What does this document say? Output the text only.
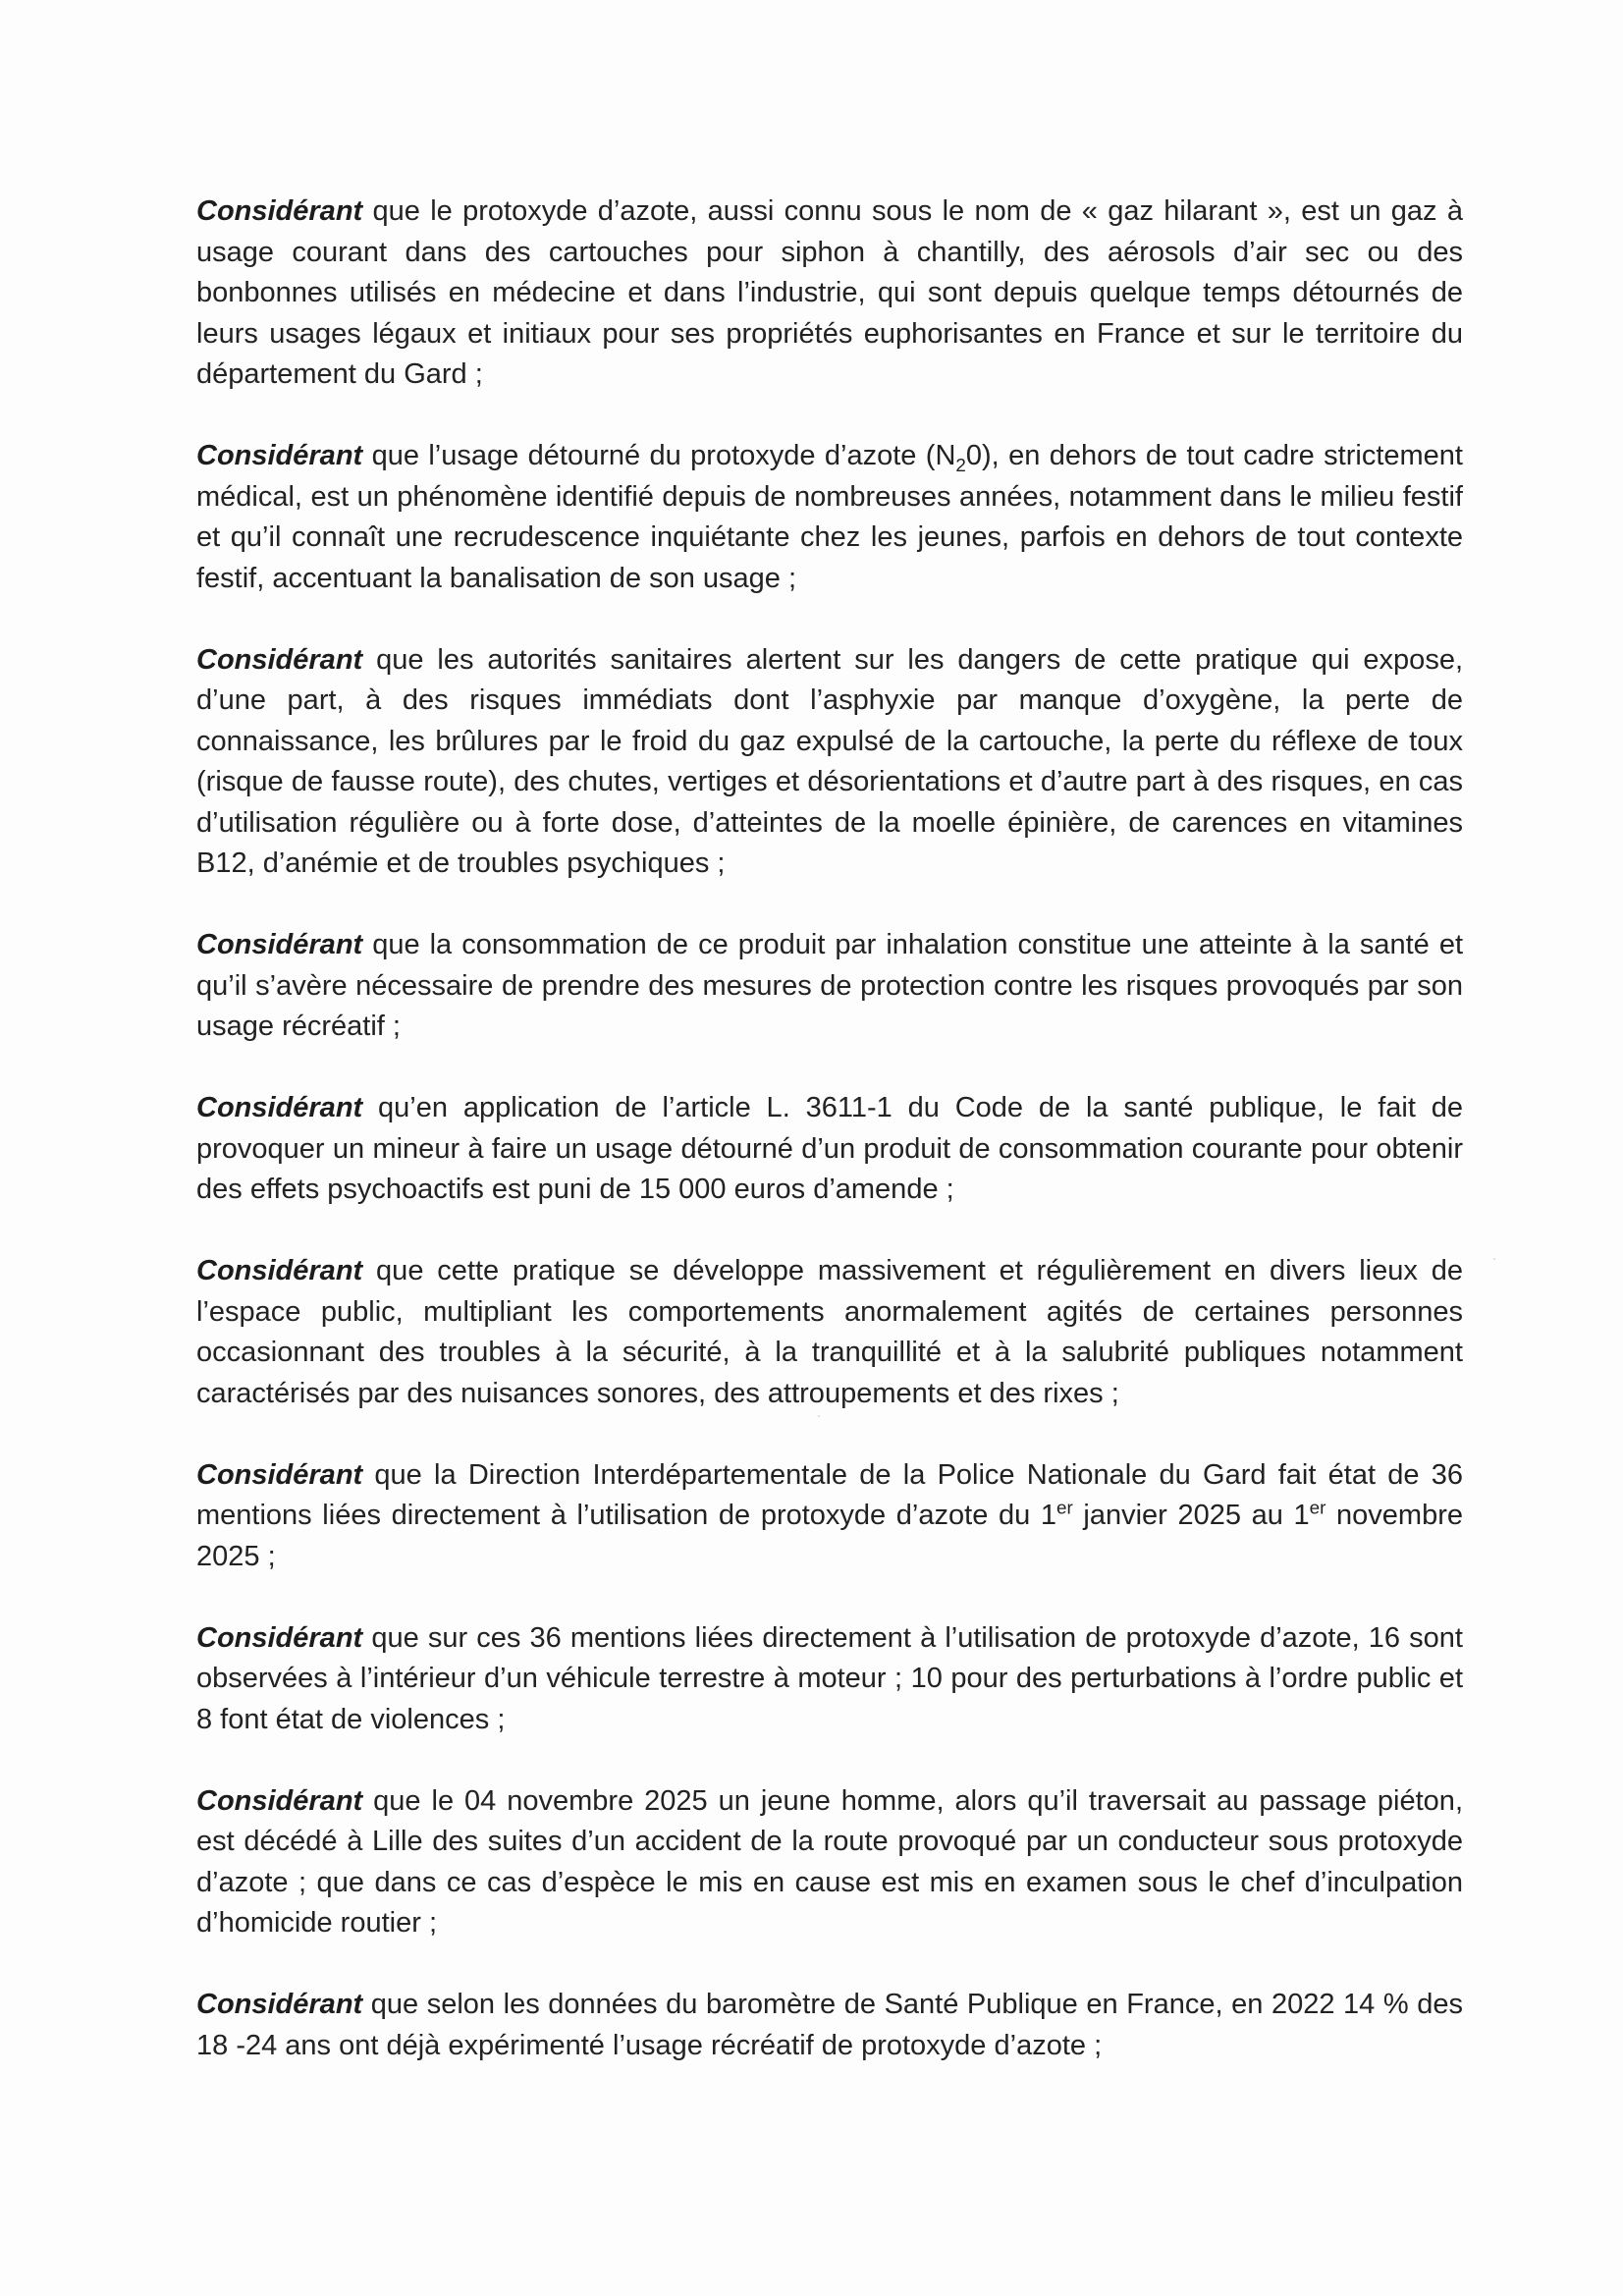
Considérant que le protoxyde d’azote, aussi connu sous le nom de « gaz hilarant », est un gaz à usage courant dans des cartouches pour siphon à chantilly, des aérosols d’air sec ou des bonbonnes utilisés en médecine et dans l’industrie, qui sont depuis quelque temps détournés de leurs usages légaux et initiaux pour ses propriétés euphorisantes en France et sur le territoire du département du Gard ;

Considérant que l’usage détourné du protoxyde d’azote $(N_20)$, en dehors de tout cadre strictement médical, est un phénomène identifié depuis de nombreuses années, notamment dans le milieu festif et qu’il connaît une recrudescence inquiétante chez les jeunes, parfois en dehors de tout contexte festif, accentuant la banalisation de son usage ;

Considérant que les autorités sanitaires alertent sur les dangers de cette pratique qui expose, d’une part, à des risques immédiats dont l’asphyxie par manque d’oxygène, la perte de connaissance, les brûlures par le froid du gaz expulsé de la cartouche, la perte du réflexe de toux (risque de fausse route), des chutes, vertiges et désorientations et d’autre part à des risques, en cas d’utilisation régulière ou à forte dose, d’atteintes de la moelle épinière, de carences en vitamines B12, d’anémie et de troubles psychiques ;

Considérant que la consommation de ce produit par inhalation constitue une atteinte à la santé et qu’il s’avère nécessaire de prendre des mesures de protection contre les risques provoqués par son usage récréatif ;

Considérant qu’en application de l’article L. 3611-1 du Code de la santé publique, le fait de provoquer un mineur à faire un usage détourné d’un produit de consommation courante pour obtenir des effets psychoactifs est puni de 15 000 euros d’amende ;

Considérant que cette pratique se développe massivement et régulièrement en divers lieux de l’espace public, multipliant les comportements anormalement agités de certaines personnes occasionnant des troubles à la sécurité, à la tranquillité et à la salubrité publiques notamment caractérisés par des nuisances sonores, des attroupements et des rixes ;

Considérant que la Direction Interdépartementale de la Police Nationale du Gard fait état de 36 mentions liées directement à l’utilisation de protoxyde d’azote du 1er janvier 2025 au 1er novembre 2025 ;

Considérant que sur ces 36 mentions liées directement à l’utilisation de protoxyde d’azote, 16 sont observées à l’intérieur d’un véhicule terrestre à moteur ; 10 pour des perturbations à l’ordre public et 8 font état de violences ;

Considérant que le 04 novembre 2025 un jeune homme, alors qu’il traversait au passage piéton, est décédé à Lille des suites d’un accident de la route provoqué par un conducteur sous protoxyde d’azote ; que dans ce cas d’espèce le mis en cause est mis en examen sous le chef d’inculpation d’homicide routier ;

Considérant que selon les données du baromètre de Santé Publique en France, en 2022 14 % des 18 -24 ans ont déjà expérimenté l’usage récréatif de protoxyde d’azote ;
